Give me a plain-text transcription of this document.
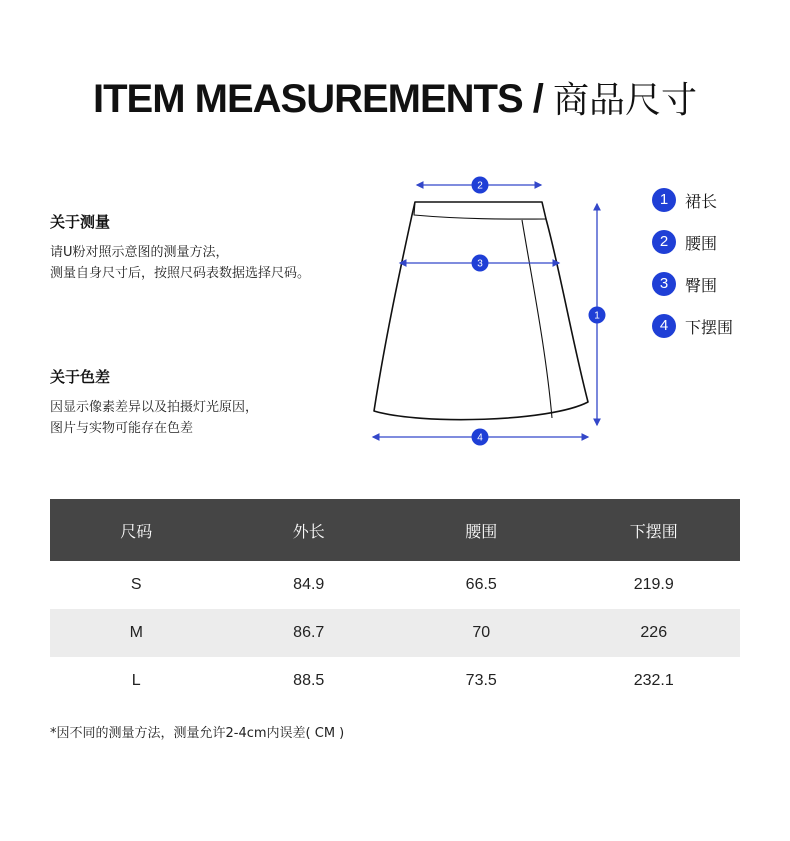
ITEM MEASUREMENTS / 商品尺寸
关于测量
请U粉对照示意图的测量方法，
测量自身尺寸后，按照尺码表数据选择尺码。
关于色差
因显示像素差异以及拍摄灯光原因，
图片与实物可能存在色差
2
3
1
4
1	裙长
2	腰围
3	臀围
4	下摆围
尺码	外长	腰围	下摆围
S	84.9	66.5	219.9
M	86.7	70	226
L	88.5	73.5	232.1
*因不同的测量方法，测量允许2-4cm内误差( CM )
